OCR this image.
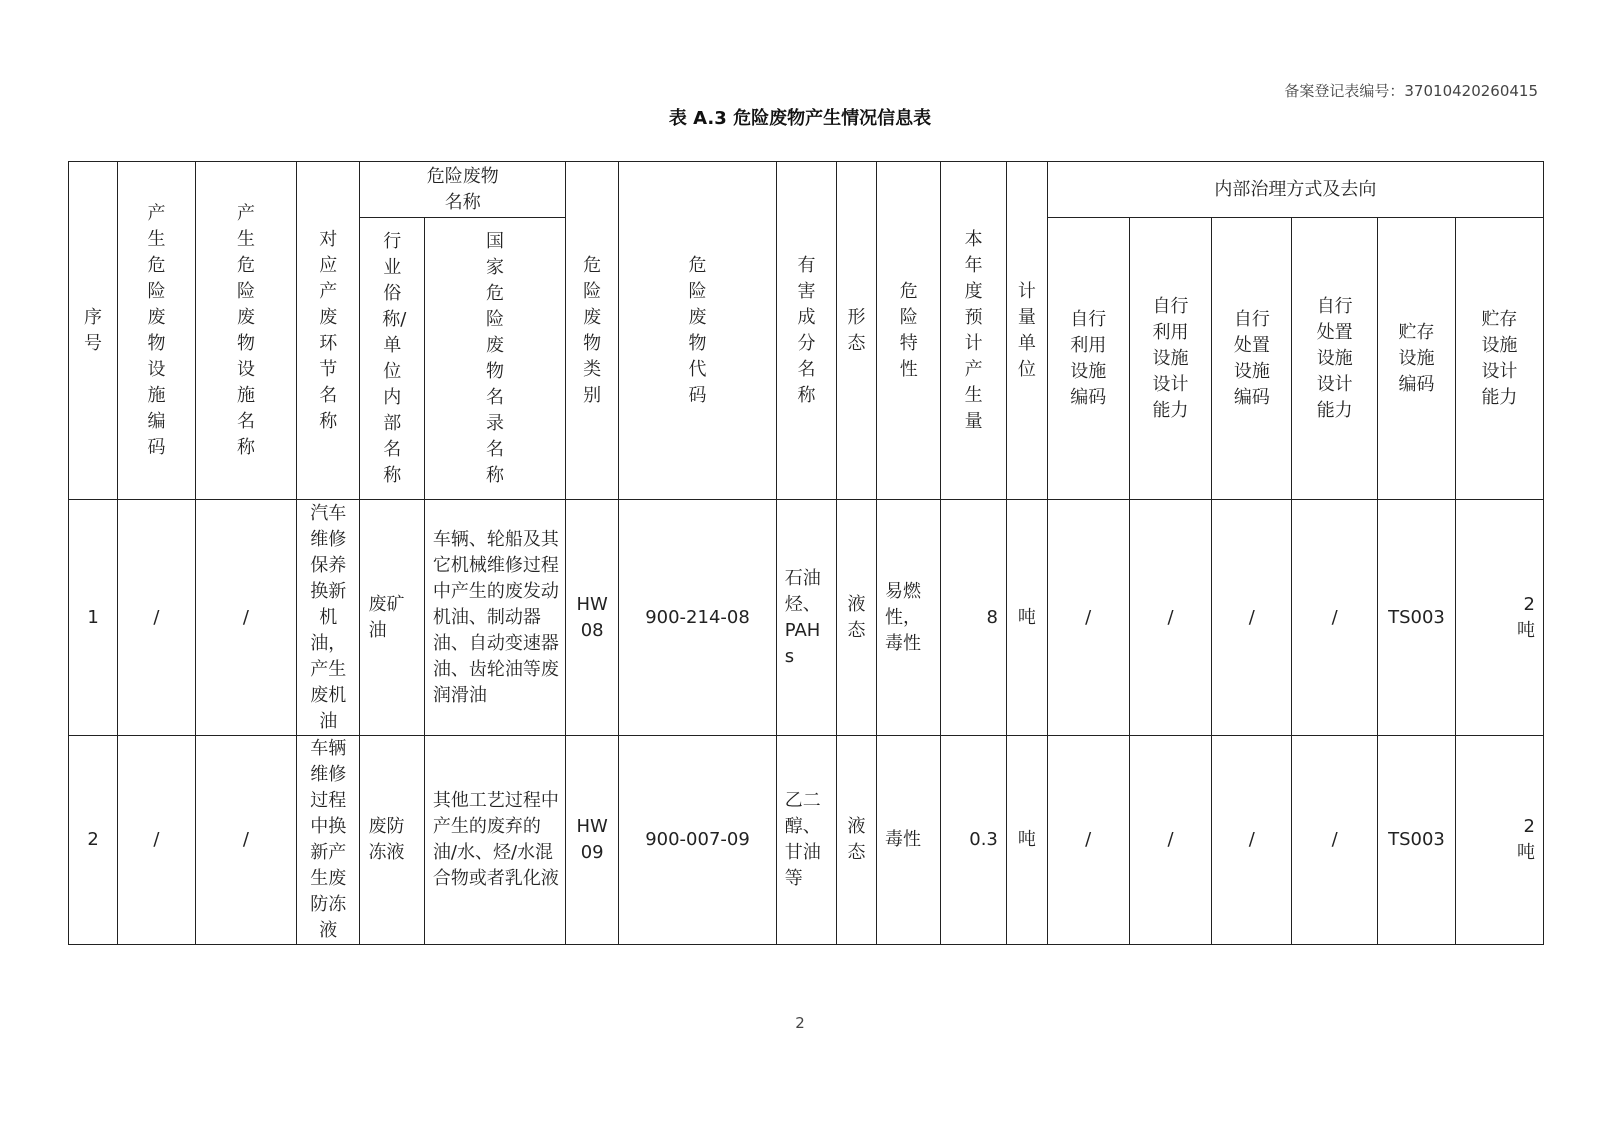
备案登记表编号：37010420260415
表 A.3 危险废物产生情况信息表
序号	产生危险废物设施编码	产生危险废物设施名称	对应产废环节名称	危险废物名称		危险废物类别	危险废物代码	有害成分名称	形态	危险特性	本年度预计产生量	计量单位	内部治理方式及去向					

				行业俗称/单位内部名称	国家危险废物名录名称								自行利用设施编码	自行利用设施设计能力	自行处置设施编码	自行处置设施设计能力	贮存设施编码	贮存设施设计能力

1	/	/	汽车维修保养换新机油，产生废机油	废矿油	车辆、轮船及其它机械维修过程中产生的废发动机油、制动器油、自动变速器油、齿轮油等废润滑油	HW08	900-214-08	石油烃、PAHs	液态	易燃性，毒性	8	吨	/	/	/	/	TS003	2吨

2	/	/	车辆维修过程中换新产生废防冻液	废防冻液	其他工艺过程中产生的废弃的油/水、烃/水混合物或者乳化液	HW09	900-007-09	乙二醇、甘油等	液态	毒性	0.3	吨	/	/	/	/	TS003	2吨
2
